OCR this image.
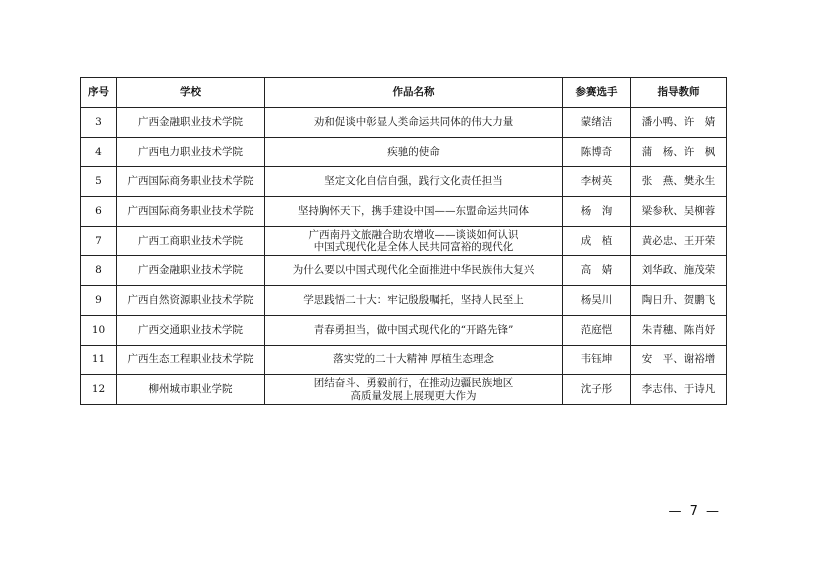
序号	学校	作品名称	参赛选手	指导教师
3	广西金融职业技术学院	劝和促谈中彰显人类命运共同体的伟大力量	蒙绪洁	潘小鸭、许　婧
4	广西电力职业技术学院	疾驰的使命	陈博奇	蒲　杨、许　枫
5	广西国际商务职业技术学院	坚定文化自信自强，践行文化责任担当	李树英	张　燕、樊永生
6	广西国际商务职业技术学院	坚持胸怀天下，携手建设中国——东盟命运共同体	杨　洵	梁参秋、吴柳蓉
7	广西工商职业技术学院	广西南丹文旅融合助农增收——谈谈如何认识
中国式现代化是全体人民共同富裕的现代化	成　植	黄必忠、王开荣
8	广西金融职业技术学院	为什么要以中国式现代化全面推进中华民族伟大复兴	高　婧	刘华政、施茂荣
9	广西自然资源职业技术学院	学思践悟二十大：牢记殷殷嘱托，坚持人民至上	杨昊川	陶日升、贺鹏飞
10	广西交通职业技术学院	青春勇担当，做中国式现代化的“开路先锋”	范庭恺	朱青穗、陈肖妤
11	广西生态工程职业技术学院	落实党的二十大精神 厚植生态理念	韦钰坤	安　平、谢裕增
12	柳州城市职业学院	团结奋斗、勇毅前行，在推动边疆民族地区
高质量发展上展现更大作为	沈子彤	李志伟、于诗凡
— 7 —
